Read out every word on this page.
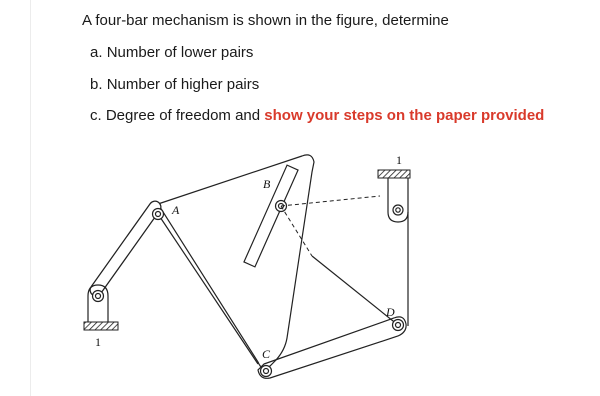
A four-bar mechanism is shown in the figure, determine
a. Number of lower pairs
b. Number of higher pairs
c. Degree of freedom and show your steps on the paper provided
A
B
C
D
1
1
